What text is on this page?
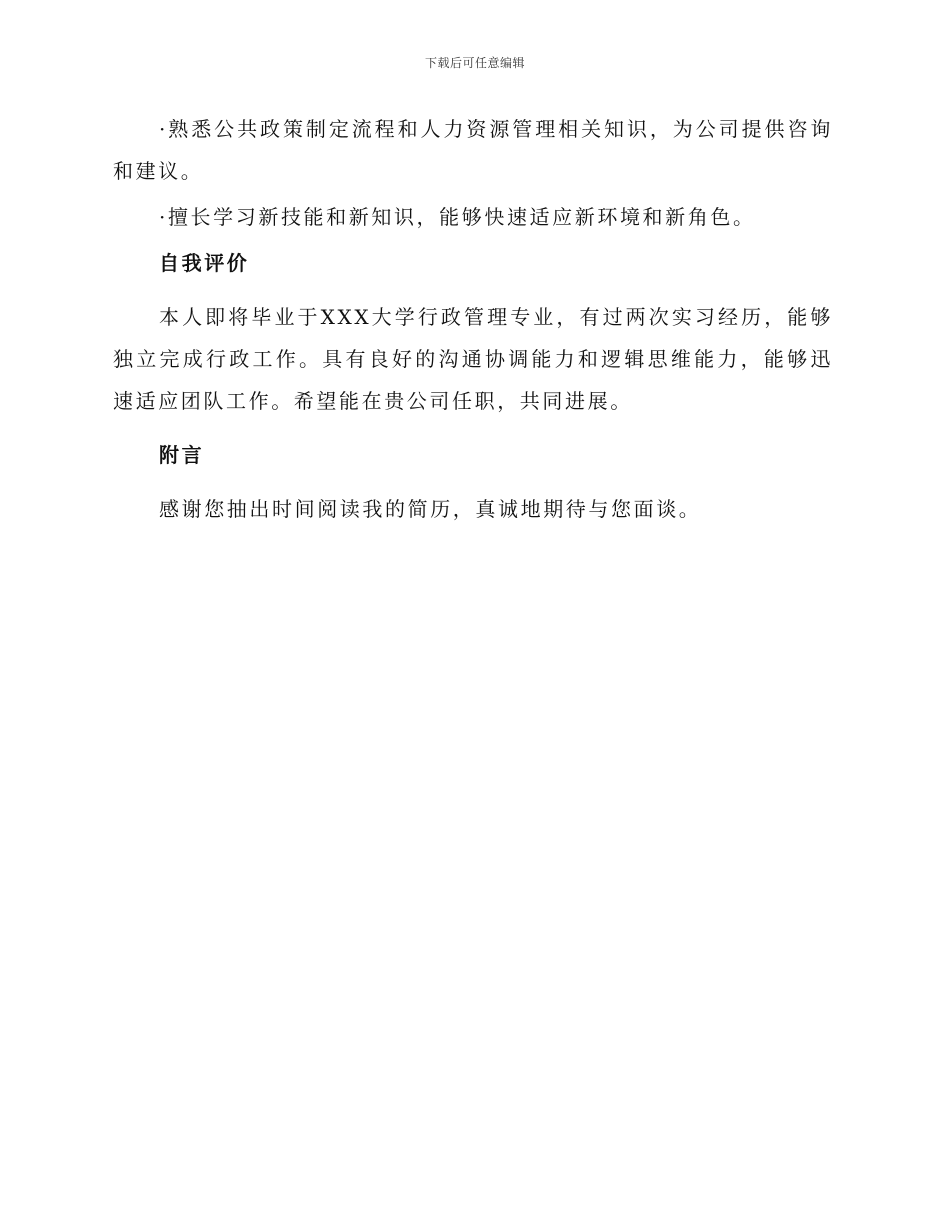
下载后可任意编辑

·熟悉公共政策制定流程和人力资源管理相关知识，为公司提供咨询和建议。

·擅长学习新技能和新知识，能够快速适应新环境和新角色。

自我评价

本人即将毕业于XXX大学行政管理专业，有过两次实习经历，能够独立完成行政工作。具有良好的沟通协调能力和逻辑思维能力，能够迅速适应团队工作。希望能在贵公司任职，共同进展。

附言

感谢您抽出时间阅读我的简历，真诚地期待与您面谈。
